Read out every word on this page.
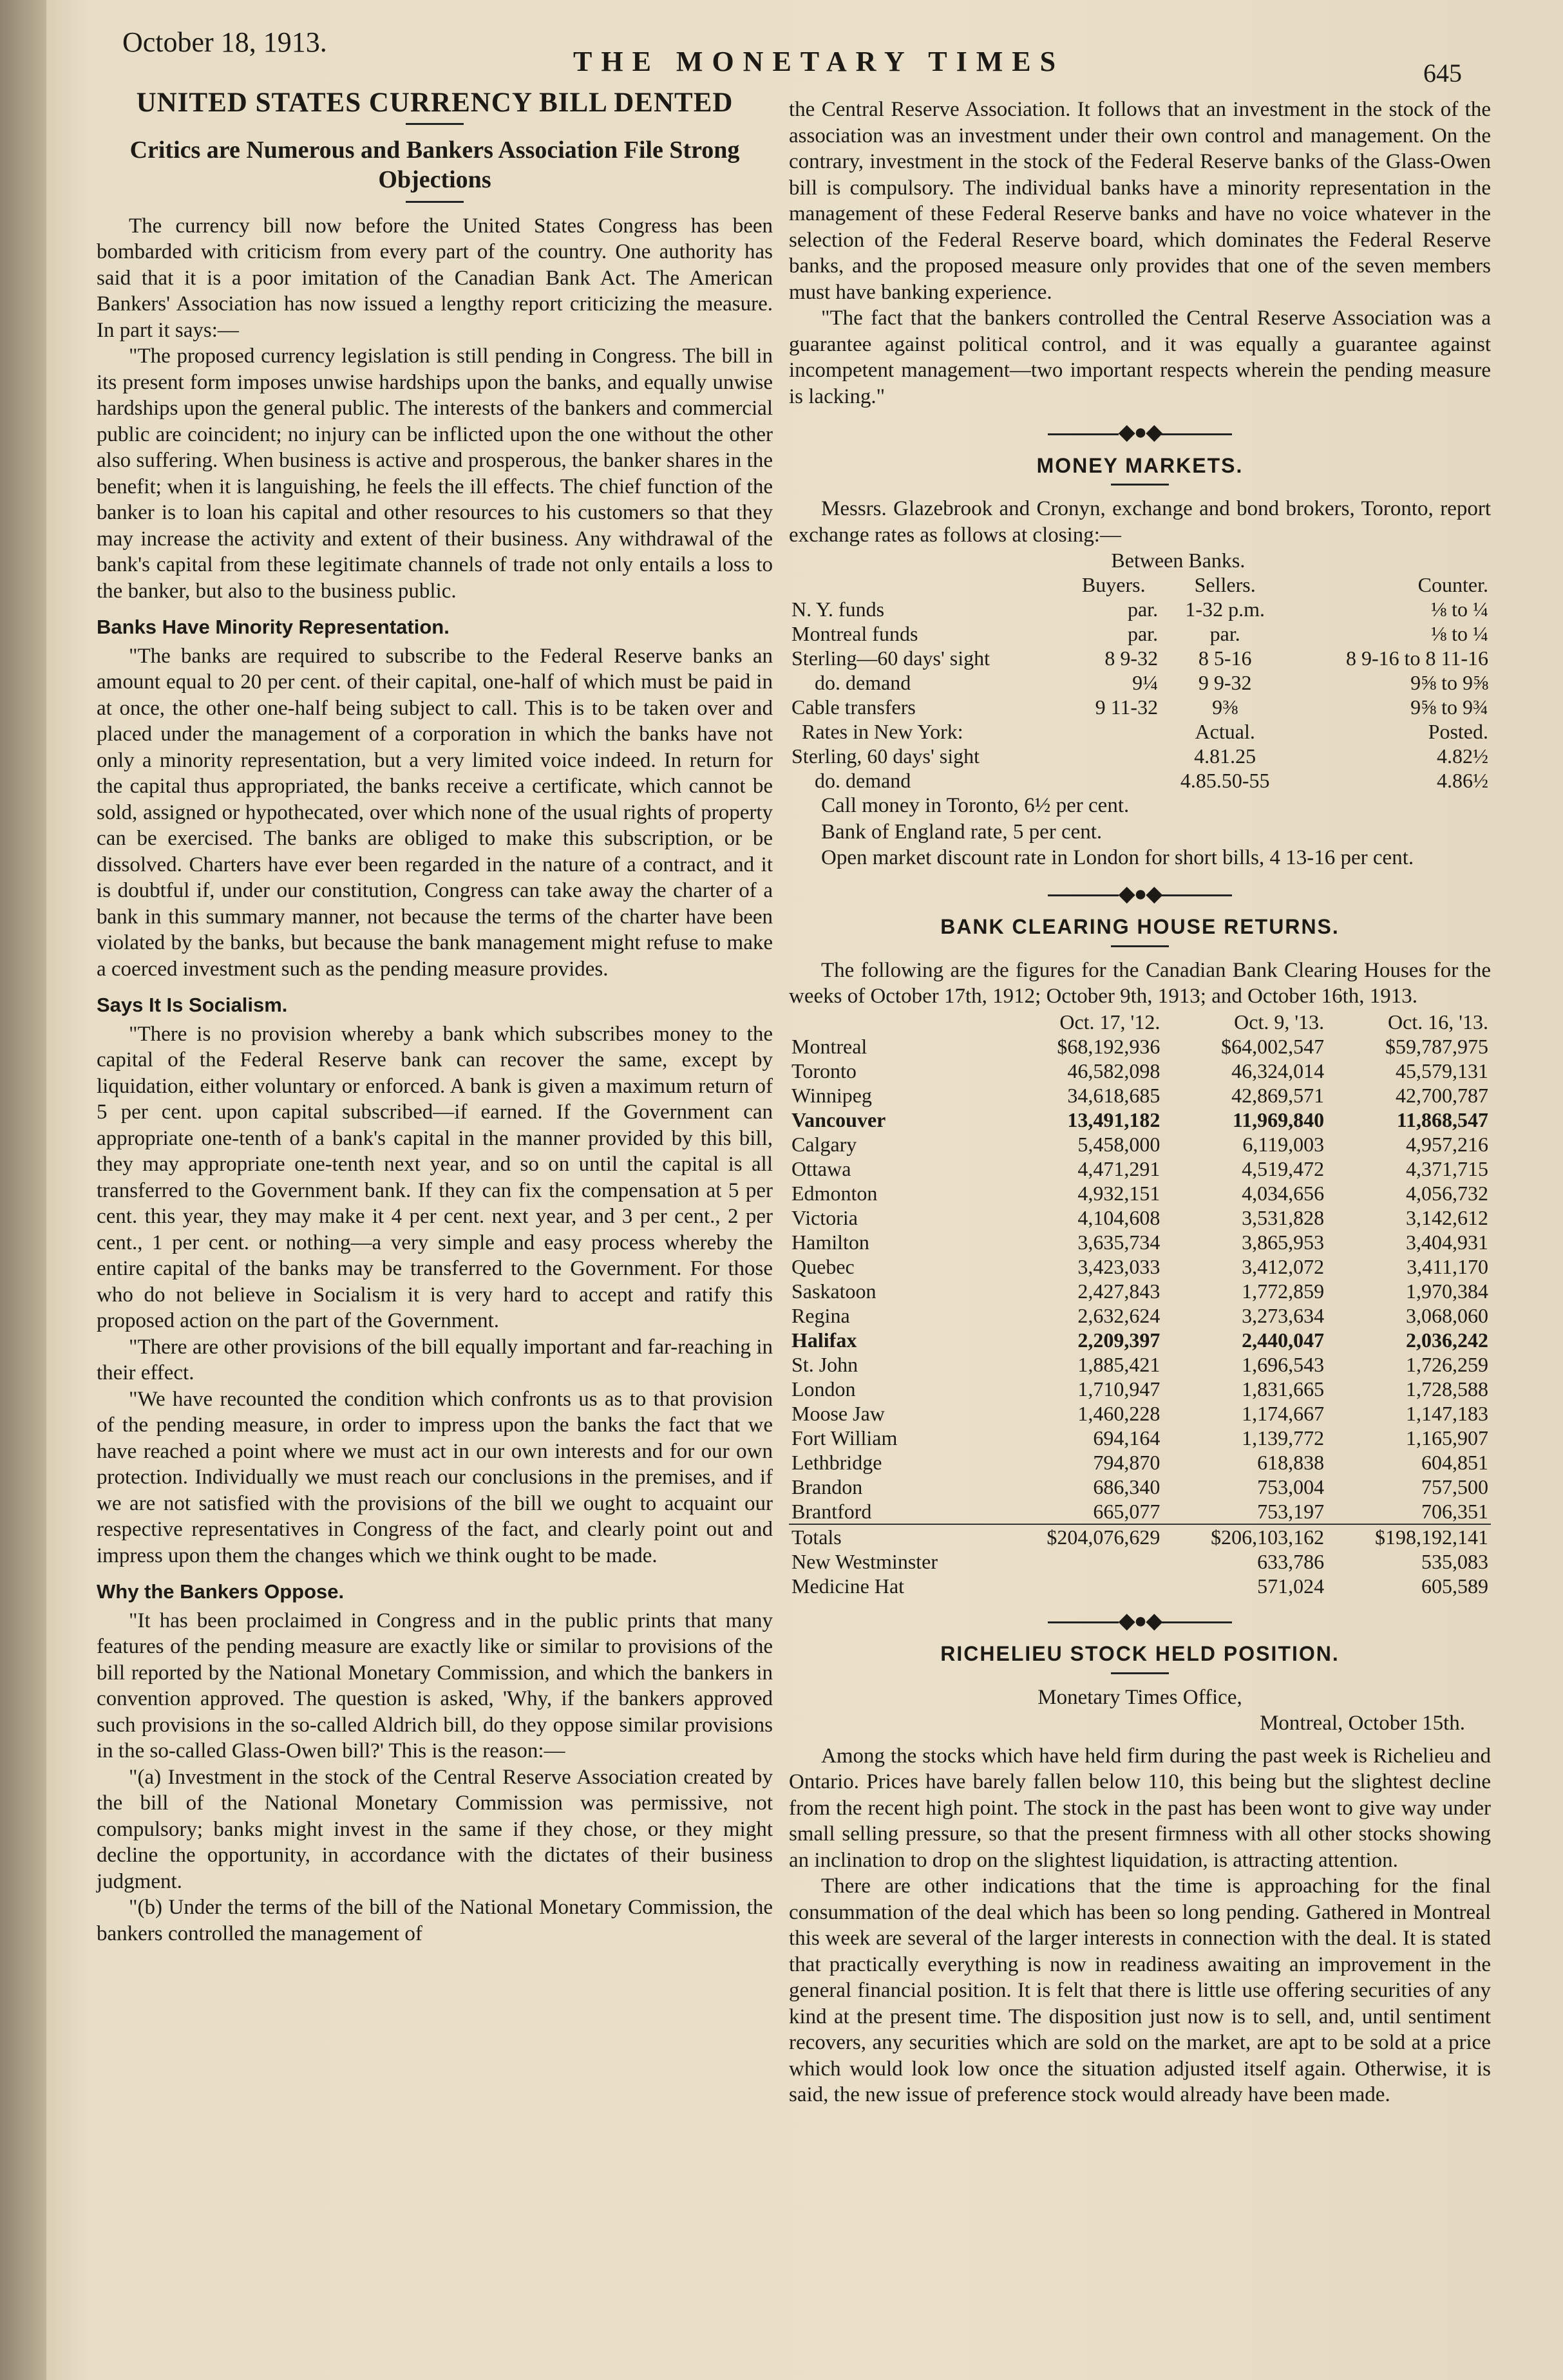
October 18, 1913.
THE MONETARY TIMES	645
UNITED STATES CURRENCY BILL DENTED
Critics are Numerous and Bankers Association File Strong Objections

The currency bill now before the United States Congress has been bombarded with criticism from every part of the country. One authority has said that it is a poor imitation of the Canadian Bank Act. The American Bankers' Association has now issued a lengthy report criticizing the measure. In part it says:—

"The proposed currency legislation is still pending in Congress. The bill in its present form imposes unwise hardships upon the banks, and equally unwise hardships upon the general public. The interests of the bankers and commercial public are coincident; no injury can be inflicted upon the one without the other also suffering. When business is active and prosperous, the banker shares in the benefit; when it is languishing, he feels the ill effects. The chief function of the banker is to loan his capital and other resources to his customers so that they may increase the activity and extent of their business. Any withdrawal of the bank's capital from these legitimate channels of trade not only entails a loss to the banker, but also to the business public.

Banks Have Minority Representation.

"The banks are required to subscribe to the Federal Reserve banks an amount equal to 20 per cent. of their capital, one-half of which must be paid in at once, the other one-half being subject to call. This is to be taken over and placed under the management of a corporation in which the banks have not only a minority representation, but a very limited voice indeed. In return for the capital thus appropriated, the banks receive a certificate, which cannot be sold, assigned or hypothecated, over which none of the usual rights of property can be exercised. The banks are obliged to make this subscription, or be dissolved. Charters have ever been regarded in the nature of a contract, and it is doubtful if, under our constitution, Congress can take away the charter of a bank in this summary manner, not because the terms of the charter have been violated by the banks, but because the bank management might refuse to make a coerced investment such as the pending measure provides.

Says It Is Socialism.

"There is no provision whereby a bank which subscribes money to the capital of the Federal Reserve bank can recover the same, except by liquidation, either voluntary or enforced. A bank is given a maximum return of 5 per cent. upon capital subscribed—if earned. If the Government can appropriate one-tenth of a bank's capital in the manner provided by this bill, they may appropriate one-tenth next year, and so on until the capital is all transferred to the Government bank. If they can fix the compensation at 5 per cent. this year, they may make it 4 per cent. next year, and 3 per cent., 2 per cent., 1 per cent. or nothing—a very simple and easy process whereby the entire capital of the banks may be transferred to the Government. For those who do not believe in Socialism it is very hard to accept and ratify this proposed action on the part of the Government.

"There are other provisions of the bill equally important and far-reaching in their effect.

"We have recounted the condition which confronts us as to that provision of the pending measure, in order to impress upon the banks the fact that we have reached a point where we must act in our own interests and for our own protection. Individually we must reach our conclusions in the premises, and if we are not satisfied with the provisions of the bill we ought to acquaint our respective representatives in Congress of the fact, and clearly point out and impress upon them the changes which we think ought to be made.

Why the Bankers Oppose.

"It has been proclaimed in Congress and in the public prints that many features of the pending measure are exactly like or similar to provisions of the bill reported by the National Monetary Commission, and which the bankers in convention approved. The question is asked, 'Why, if the bankers approved such provisions in the so-called Aldrich bill, do they oppose similar provisions in the so-called Glass-Owen bill?' This is the reason:—

"(a) Investment in the stock of the Central Reserve Association created by the bill of the National Monetary Commission was permissive, not compulsory; banks might invest in the same if they chose, or they might decline the opportunity, in accordance with the dictates of their business judgment.

"(b) Under the terms of the bill of the National Monetary Commission, the bankers controlled the management of

the Central Reserve Association. It follows that an investment in the stock of the association was an investment under their own control and management. On the contrary, investment in the stock of the Federal Reserve banks of the Glass-Owen bill is compulsory. The individual banks have a minority representation in the management of these Federal Reserve banks and have no voice whatever in the selection of the Federal Reserve board, which dominates the Federal Reserve banks, and the proposed measure only provides that one of the seven members must have banking experience.

"The fact that the bankers controlled the Central Reserve Association was a guarantee against political control, and it was equally a guarantee against incompetent management—two important respects wherein the pending measure is lacking."

◆●◆
MONEY MARKETS.

Messrs. Glazebrook and Cronyn, exchange and bond brokers, Toronto, report exchange rates as follows at closing:—

	Between Banks.		
	Buyers.	Sellers.	Counter.
N. Y. funds	par.	1-32 p.m.	⅛ to ¼
Montreal funds	par.	par.	⅛ to ¼
Sterling—60 days' sight	8 9-32	8 5-16	8 9-16 to 8 11-16
do. demand	9¼	9 9-32	9⅝ to 9⅝
Cable transfers	9 11-32	9⅜	9⅝ to 9¾
Rates in New York:		Actual.	Posted.
Sterling, 60 days' sight		4.81.25	4.82½
do. demand		4.85.50-55	4.86½

Call money in Toronto, 6½ per cent.

Bank of England rate, 5 per cent.

Open market discount rate in London for short bills, 4 13-16 per cent.

◆●◆
BANK CLEARING HOUSE RETURNS.

The following are the figures for the Canadian Bank Clearing Houses for the weeks of October 17th, 1912; October 9th, 1913; and October 16th, 1913.

	Oct. 17, '12.	Oct. 9, '13.	Oct. 16, '13.
Montreal	$68,192,936	$64,002,547	$59,787,975
Toronto	46,582,098	46,324,014	45,579,131
Winnipeg	34,618,685	42,869,571	42,700,787
Vancouver	13,491,182	11,969,840	11,868,547
Calgary	5,458,000	6,119,003	4,957,216
Ottawa	4,471,291	4,519,472	4,371,715
Edmonton	4,932,151	4,034,656	4,056,732
Victoria	4,104,608	3,531,828	3,142,612
Hamilton	3,635,734	3,865,953	3,404,931
Quebec	3,423,033	3,412,072	3,411,170
Saskatoon	2,427,843	1,772,859	1,970,384
Regina	2,632,624	3,273,634	3,068,060
Halifax	2,209,397	2,440,047	2,036,242
St. John	1,885,421	1,696,543	1,726,259
London	1,710,947	1,831,665	1,728,588
Moose Jaw	1,460,228	1,174,667	1,147,183
Fort William	694,164	1,139,772	1,165,907
Lethbridge	794,870	618,838	604,851
Brandon	686,340	753,004	757,500
Brantford	665,077	753,197	706,351
Totals	$204,076,629	$206,103,162	$198,192,141
New Westminster		633,786	535,083
Medicine Hat		571,024	605,589
◆●◆
RICHELIEU STOCK HELD POSITION.
Monetary Times Office,
Montreal, October 15th.

Among the stocks which have held firm during the past week is Richelieu and Ontario. Prices have barely fallen below 110, this being but the slightest decline from the recent high point. The stock in the past has been wont to give way under small selling pressure, so that the present firmness with all other stocks showing an inclination to drop on the slightest liquidation, is attracting attention.

There are other indications that the time is approaching for the final consummation of the deal which has been so long pending. Gathered in Montreal this week are several of the larger interests in connection with the deal. It is stated that practically everything is now in readiness awaiting an improvement in the general financial position. It is felt that there is little use offering securities of any kind at the present time. The disposition just now is to sell, and, until sentiment recovers, any securities which are sold on the market, are apt to be sold at a price which would look low once the situation adjusted itself again. Otherwise, it is said, the new issue of preference stock would already have been made.
